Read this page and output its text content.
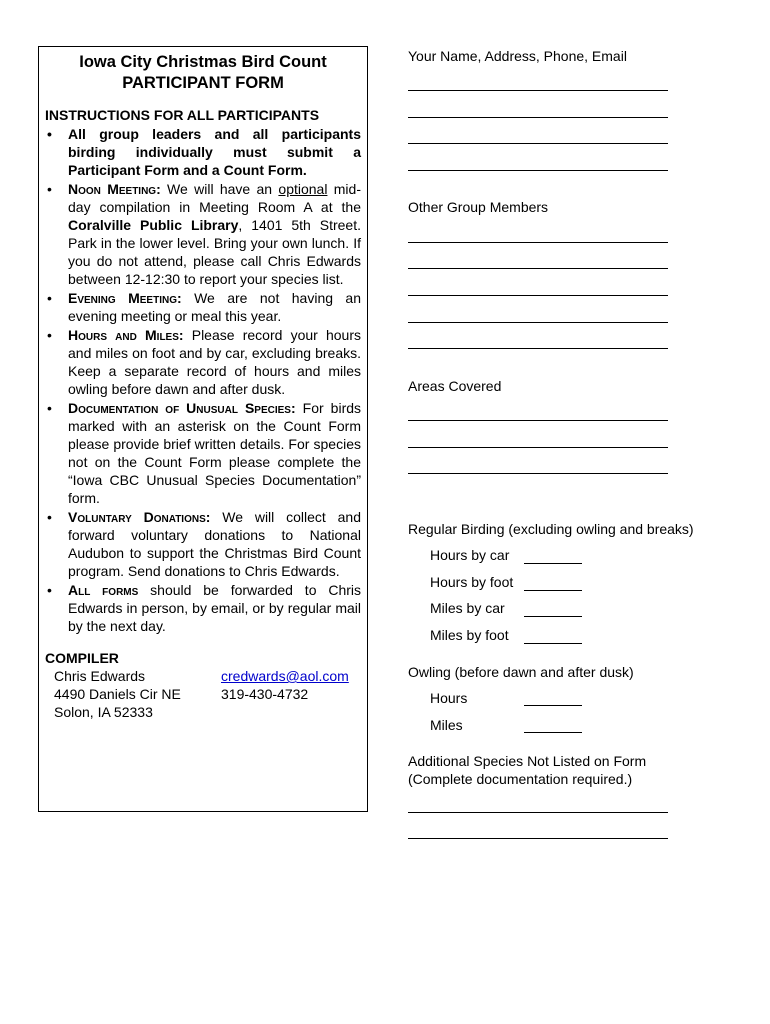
Iowa City Christmas Bird Count
PARTICIPANT FORM

INSTRUCTIONS FOR ALL PARTICIPANTS
• All group leaders and all participants birding individually must submit a Participant Form and a Count Form.
• Noon Meeting: We will have an optional mid-day compilation in Meeting Room A at the Coralville Public Library, 1401 5th Street. Park in the lower level. Bring your own lunch. If you do not attend, please call Chris Edwards between 12-12:30 to report your species list.
• Evening Meeting: We are not having an evening meeting or meal this year.
• Hours and Miles: Please record your hours and miles on foot and by car, excluding breaks. Keep a separate record of hours and miles owling before dawn and after dusk.
• Documentation of Unusual Species: For birds marked with an asterisk on the Count Form please provide brief written details. For species not on the Count Form please complete the “Iowa CBC Unusual Species Documentation” form.
• Voluntary Donations: We will collect and forward voluntary donations to National Audubon to support the Christmas Bird Count program. Send donations to Chris Edwards.
• All forms should be forwarded to Chris Edwards in person, by email, or by regular mail by the next day.
COMPILER
Chris Edwards
4490 Daniels Cir NE
Solon, IA 52333
credwards@aol.com
319-430-4732
Your Name, Address, Phone, Email
Other Group Members
Areas Covered
Regular Birding (excluding owling and breaks)
Hours by car
Hours by foot
Miles by car
Miles by foot
Owling (before dawn and after dusk)
Hours
Miles
Additional Species Not Listed on Form
(Complete documentation required.)
